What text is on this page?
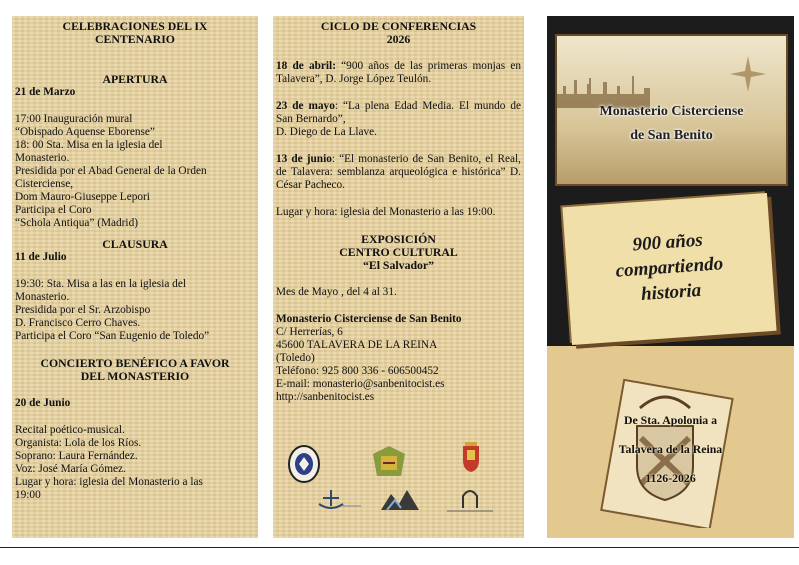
CELEBRACIONES DEL IX
CENTENARIO
APERTURA
21 de Marzo
17:00 Inauguración mural
“Obispado Aquense Eborense”
18: 00 Sta. Misa en la iglesia del
Monasterio.
Presidida por el Abad General de la Orden
Cisterciense,
Dom Mauro-Giuseppe Lepori
Participa el Coro
“Schola Antiqua” (Madrid)
CLAUSURA
11 de Julio
19:30: Sta. Misa a las en la iglesia del
Monasterio.
Presidida por el Sr. Arzobispo
D. Francisco Cerro Chaves.
Participa el Coro “San Eugenio de Toledo”
CONCIERTO BENÉFICO A FAVOR
DEL MONASTERIO
20 de Junio
Recital poético-musical.
Organista: Lola de los Ríos.
Soprano: Laura Fernández.
Voz: José María Gómez.
Lugar y hora: iglesia del Monasterio a las
19:00
CICLO DE CONFERENCIAS
2026
18 de abril: “900 años de las primeras monjas en Talavera”, D. Jorge López Teulón.
23 de mayo: “La plena Edad Media. El mundo de San Bernardo”,
D. Diego de La Llave.
13 de junio: “El monasterio de San Benito, el Real, de Talavera: semblanza arqueológica e histórica” D. César Pacheco.
Lugar y hora: iglesia del Monasterio a las 19:00.
EXPOSICIÓN
CENTRO CULTURAL
“El Salvador”
Mes de Mayo , del 4 al 31.
Monasterio Cisterciense de San Benito
C/ Herrerías, 6
45600 TALAVERA DE LA REINA
(Toledo)
Teléfono: 925 800 336 - 606500452
E-mail: monasterio@sanbenitocist.es
http://sanbenitocist.es
Monasterio Cisterciense
de San Benito
900 años
compartiendo
historia
De Sta. Apolonia a
Talavera de la Reina
1126-2026
